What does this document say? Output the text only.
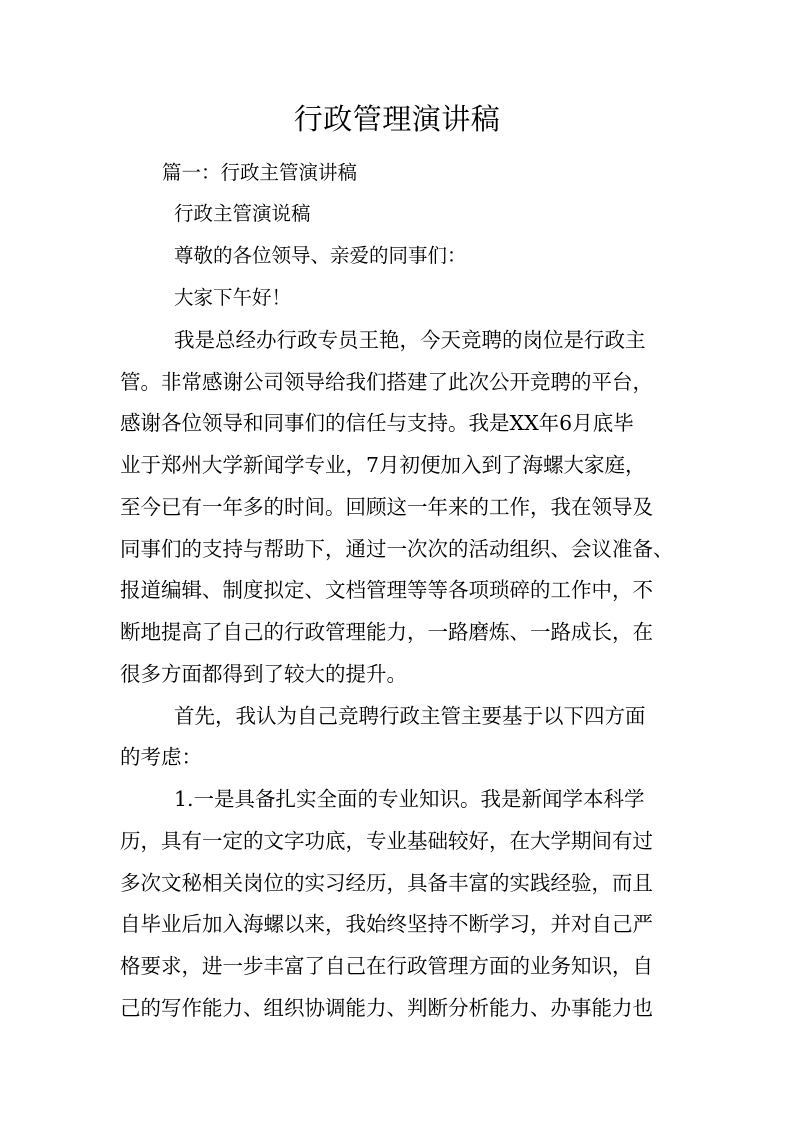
行政管理演讲稿
篇一：行政主管演讲稿
行政主管演说稿
尊敬的各位领导、亲爱的同事们：
大家下午好！
我是总经办行政专员王艳，今天竞聘的岗位是行政主
管。非常感谢公司领导给我们搭建了此次公开竞聘的平台，
感谢各位领导和同事们的信任与支持。我是XX年6月底毕
业于郑州大学新闻学专业，7月初便加入到了海螺大家庭，
至今已有一年多的时间。回顾这一年来的工作，我在领导及
同事们的支持与帮助下，通过一次次的活动组织、会议准备、
报道编辑、制度拟定、文档管理等等各项琐碎的工作中，不
断地提高了自己的行政管理能力，一路磨炼、一路成长，在
很多方面都得到了较大的提升。
首先，我认为自己竞聘行政主管主要基于以下四方面
的考虑：
1.一是具备扎实全面的专业知识。我是新闻学本科学
历，具有一定的文字功底，专业基础较好，在大学期间有过
多次文秘相关岗位的实习经历，具备丰富的实践经验，而且
自毕业后加入海螺以来，我始终坚持不断学习，并对自己严
格要求，进一步丰富了自己在行政管理方面的业务知识，自
己的写作能力、组织协调能力、判断分析能力、办事能力也
